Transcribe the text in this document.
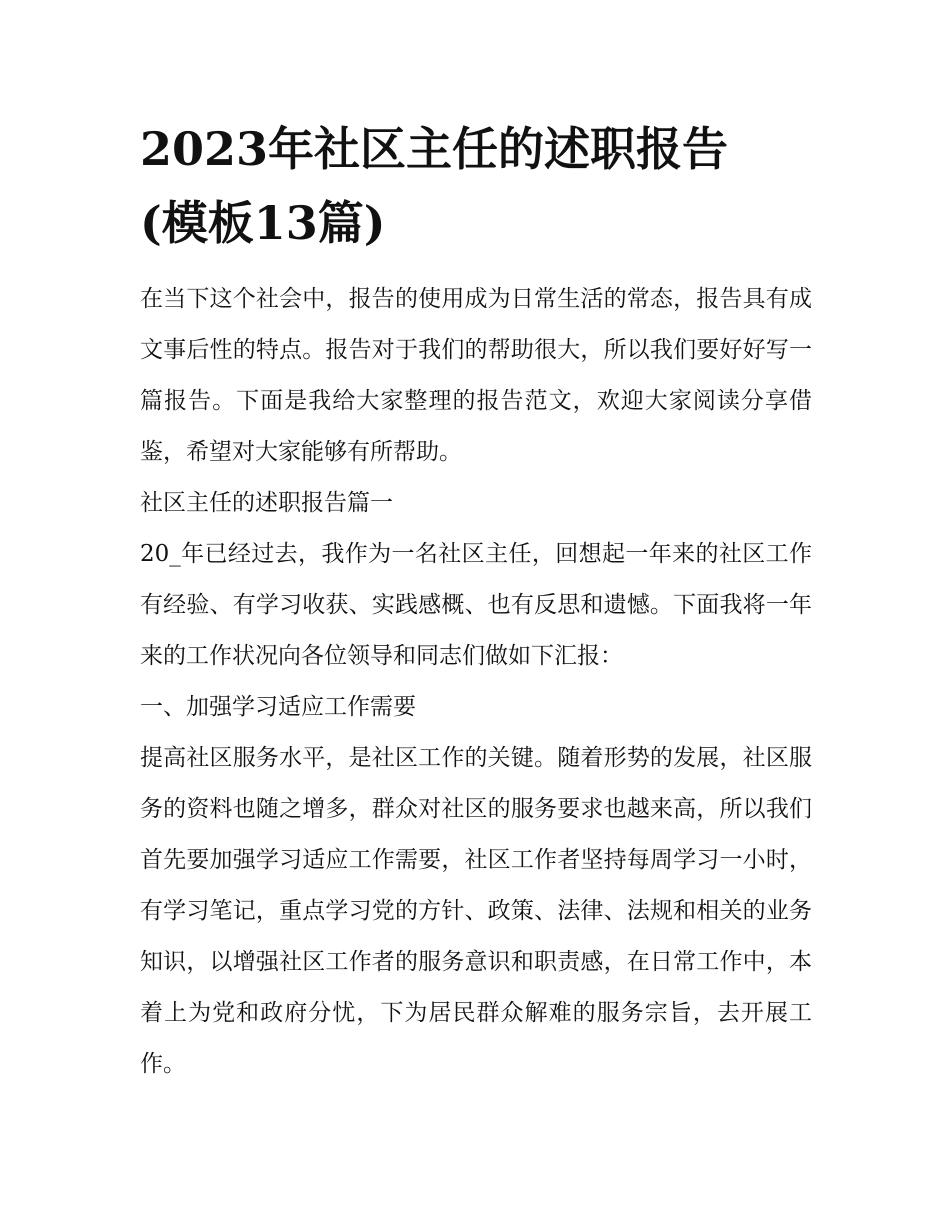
2023年社区主任的述职报告
(模板13篇)

在当下这个社会中，报告的使用成为日常生活的常态，报告具有成文事后性的特点。报告对于我们的帮助很大，所以我们要好好写一篇报告。下面是我给大家整理的报告范文，欢迎大家阅读分享借鉴，希望对大家能够有所帮助。

社区主任的述职报告篇一

20_年已经过去，我作为一名社区主任，回想起一年来的社区工作有经验、有学习收获、实践感概、也有反思和遗憾。下面我将一年来的工作状况向各位领导和同志们做如下汇报：

一、加强学习适应工作需要

提高社区服务水平，是社区工作的关键。随着形势的发展，社区服务的资料也随之增多，群众对社区的服务要求也越来高，所以我们首先要加强学习适应工作需要，社区工作者坚持每周学习一小时，有学习笔记，重点学习党的方针、政策、法律、法规和相关的业务知识，以增强社区工作者的服务意识和职责感，在日常工作中，本着上为党和政府分忧，下为居民群众解难的服务宗旨，去开展工作。
